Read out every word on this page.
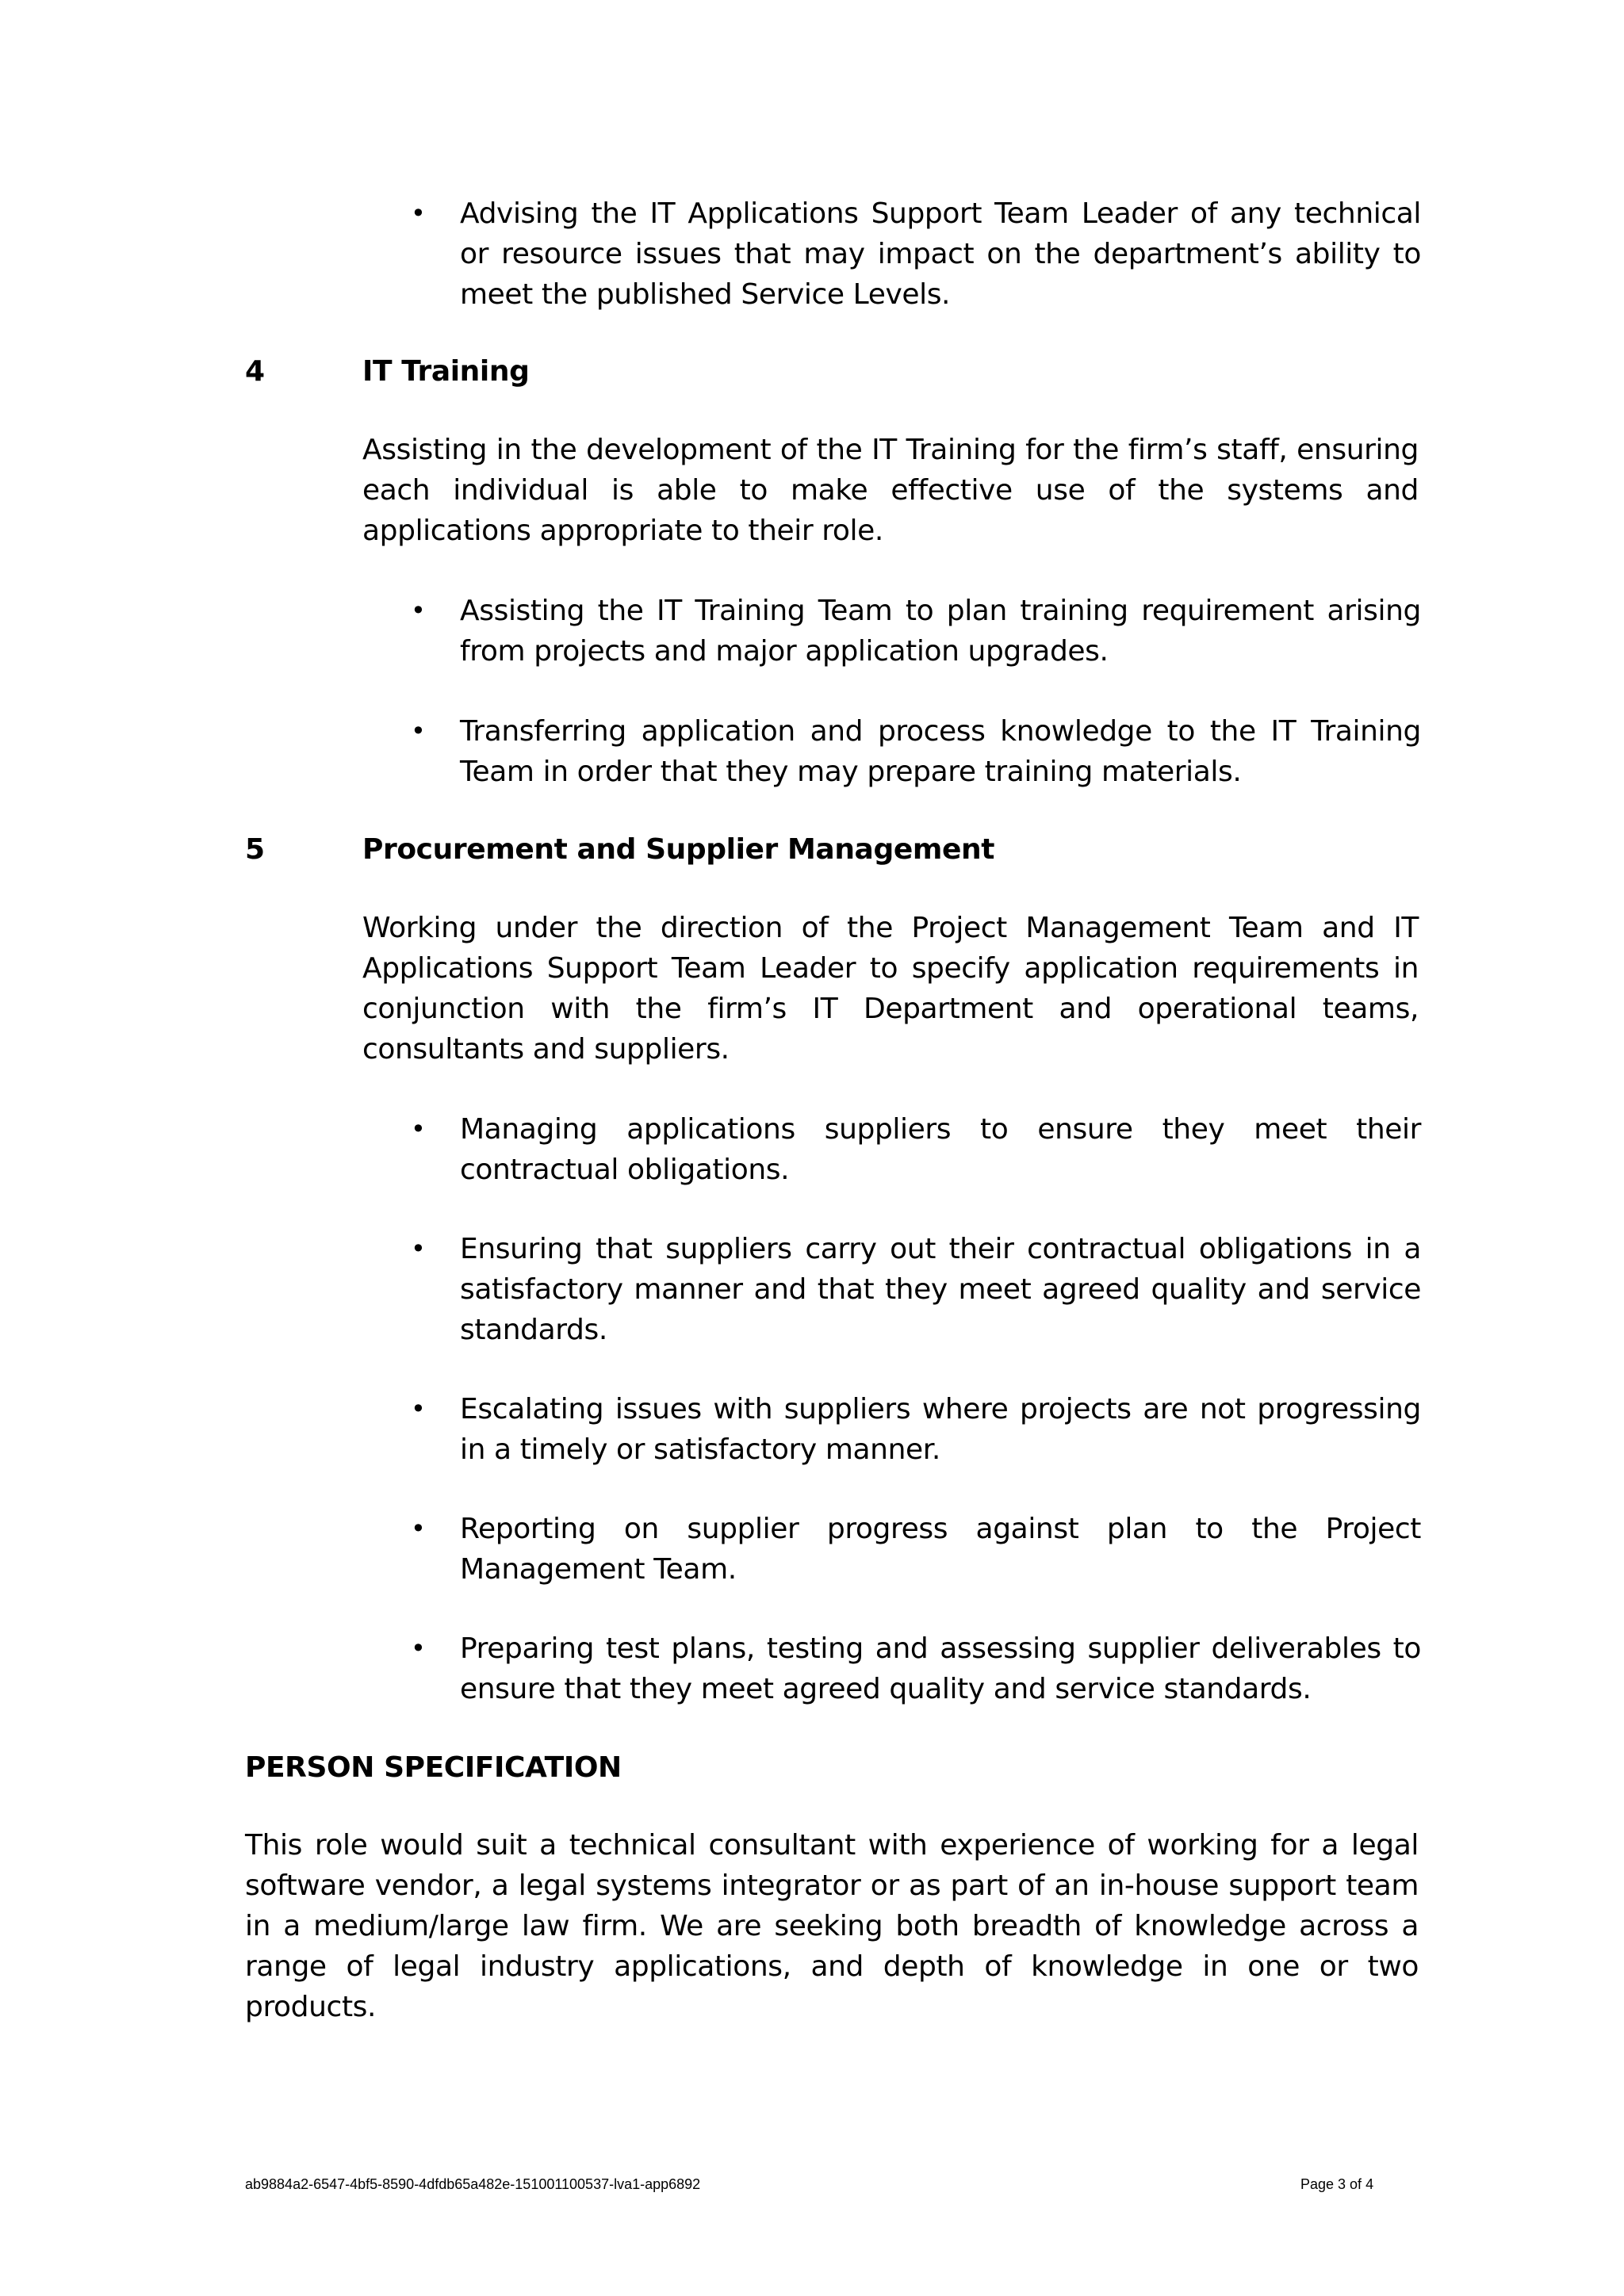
• Advising the IT Applications Support Team Leader of any technical or resource issues that may impact on the department’s ability to meet the published Service Levels.
4	IT Training
Assisting in the development of the IT Training for the firm’s staff, ensuring each individual is able to make effective use of the systems and applications appropriate to their role.
• Assisting the IT Training Team to plan training requirement arising from projects and major application upgrades.
• Transferring application and process knowledge to the IT Training Team in order that they may prepare training materials.
5	Procurement and Supplier Management
Working under the direction of the Project Management Team and IT Applications Support Team Leader to specify application requirements in conjunction with the firm’s IT Department and operational teams, consultants and suppliers.
• Managing applications suppliers to ensure they meet their contractual obligations.
• Ensuring that suppliers carry out their contractual obligations in a satisfactory manner and that they meet agreed quality and service standards.
• Escalating issues with suppliers where projects are not progressing in a timely or satisfactory manner.
• Reporting on supplier progress against plan to the Project Management Team.
• Preparing test plans, testing and assessing supplier deliverables to ensure that they meet agreed quality and service standards.
PERSON SPECIFICATION
This role would suit a technical consultant with experience of working for a legal software vendor, a legal systems integrator or as part of an in-house support team in a medium/large law firm. We are seeking both breadth of knowledge across a range of legal industry applications, and depth of knowledge in one or two products.
ab9884a2-6547-4bf5-8590-4dfdb65a482e-151001100537-lva1-app6892	Page 3 of 4
